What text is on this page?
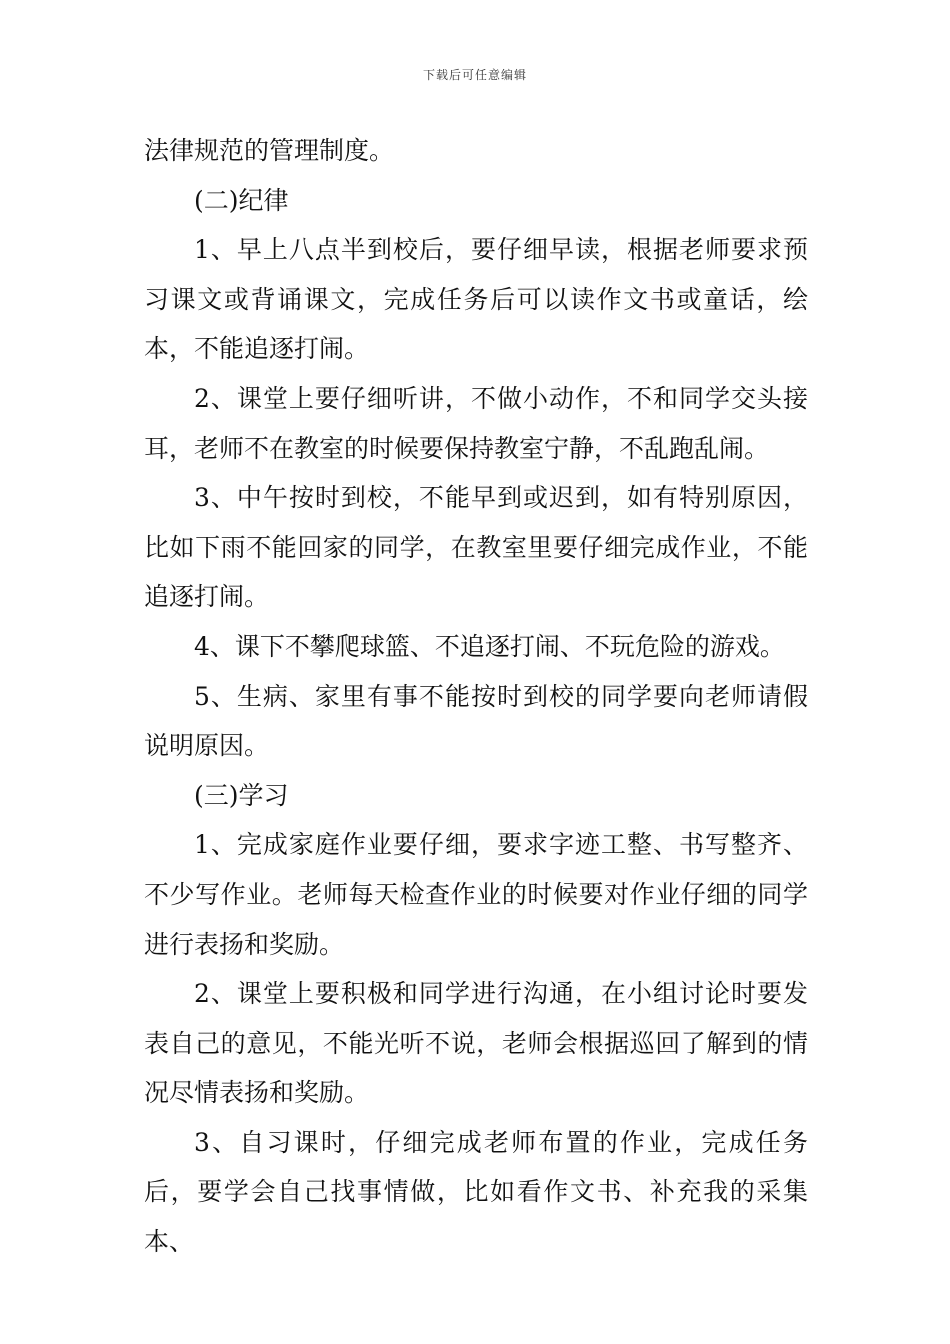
下载后可任意编辑

法律规范的管理制度。

(二)纪律

1、早上八点半到校后，要仔细早读，根据老师要求预习课文或背诵课文，完成任务后可以读作文书或童话，绘本，不能追逐打闹。

2、课堂上要仔细听讲，不做小动作，不和同学交头接耳，老师不在教室的时候要保持教室宁静，不乱跑乱闹。

3、中午按时到校，不能早到或迟到，如有特别原因，比如下雨不能回家的同学，在教室里要仔细完成作业，不能追逐打闹。

4、课下不攀爬球篮、不追逐打闹、不玩危险的游戏。

5、生病、家里有事不能按时到校的同学要向老师请假说明原因。

(三)学习

1、完成家庭作业要仔细，要求字迹工整、书写整齐、不少写作业。老师每天检查作业的时候要对作业仔细的同学进行表扬和奖励。

2、课堂上要积极和同学进行沟通，在小组讨论时要发表自己的意见，不能光听不说，老师会根据巡回了解到的情况尽情表扬和奖励。

3、自习课时，仔细完成老师布置的作业，完成任务后，要学会自己找事情做，比如看作文书、补充我的采集本、
